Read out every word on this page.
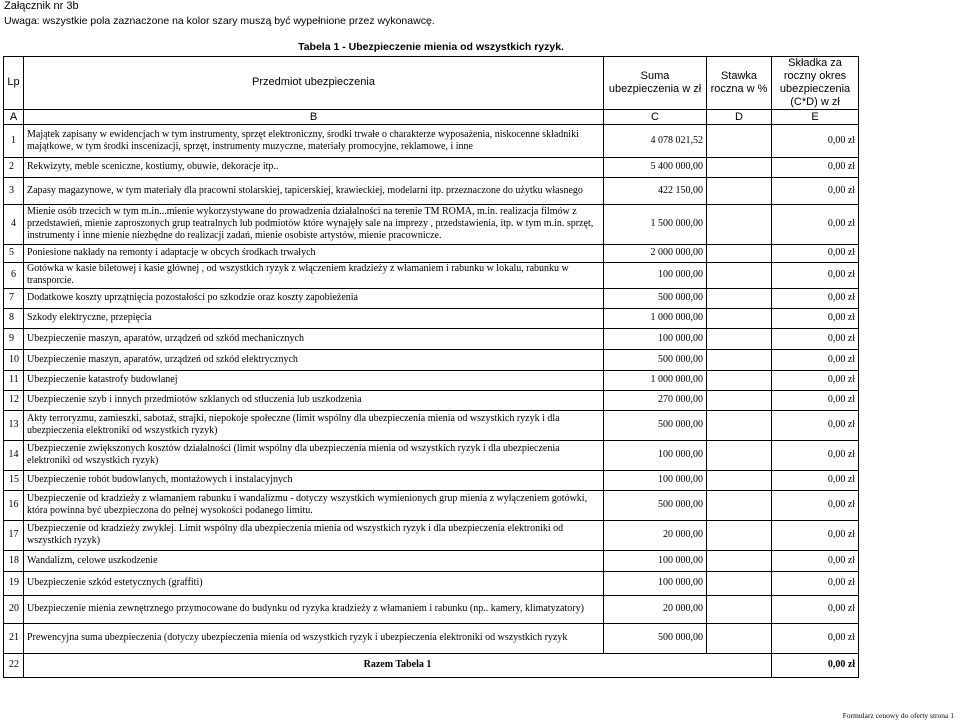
Załącznik nr 3b
Uwaga: wszystkie pola zaznaczone na kolor szary muszą być wypełnione przez wykonawcę.
Tabela 1 - Ubezpieczenie mienia od wszystkich ryzyk.				
Lp	Przedmiot ubezpieczenia	Suma ubezpieczenia w zł	Stawka roczna w %	Składka za roczny okres ubezpieczenia (C*D) w zł
A	B	C	D	E
1	Majątek zapisany w ewidencjach w tym instrumenty, sprzęt elektroniczny, środki trwałe o charakterze wyposażenia, niskocenne składniki majątkowe, w tym środki inscenizacji, sprzęt, instrumenty muzyczne, materiały promocyjne, reklamowe, i inne	4 078 021,52		0,00 zł
2	Rekwizyty, meble sceniczne, kostiumy, obuwie, dekoracje itp..	5 400 000,00		0,00 zł
3	Zapasy magazynowe, w tym materiały dla pracowni stolarskiej, tapicerskiej, krawieckiej, modelarni itp. przeznaczone do użytku własnego	422 150,00		0,00 zł
4	Mienie osób trzecich w tym m.in...mienie wykorzystywane do prowadzenia działalności na terenie TM ROMA, m.in. realizacja filmów z przedstawień, mienie zaproszonych grup teatralnych lub podmiotów które wynajęły sale na imprezy , przedstawienia, itp. w tym m.in. sprzęt, instrumenty i inne mienie niezbędne do realizacji zadań, mienie osobiste artystów, mienie pracownicze.	1 500 000,00		0,00 zł
5	Poniesione nakłady na remonty i adaptacje w obcych środkach trwałych	2 000 000,00		0,00 zł
6	Gotówka w kasie biletowej i kasie głównej , od wszystkich ryzyk z włączeniem kradzieży z włamaniem i rabunku w lokalu, rabunku w transporcie.	100 000,00		0,00 zł
7	Dodatkowe koszty uprzątnięcia pozostałości po szkodzie oraz koszty zapobieżenia	500 000,00		0,00 zł
8	Szkody elektryczne, przepięcia	1 000 000,00		0,00 zł
9	Ubezpieczenie maszyn, aparatów, urządzeń od szkód mechanicznych	100 000,00		0,00 zł
10	Ubezpieczenie maszyn, aparatów, urządzeń od szkód elektrycznych	500 000,00		0,00 zł
11	Ubezpieczenie katastrofy budowlanej	1 000 000,00		0,00 zł
12	Ubezpieczenie szyb i innych przedmiotów szklanych od stłuczenia lub uszkodzenia	270 000,00		0,00 zł
13	Akty terroryzmu, zamieszki, sabotaż, strajki, niepokoje społeczne (limit wspólny dla ubezpieczenia mienia od wszystkich ryzyk i dla ubezpieczenia elektroniki od wszystkich ryzyk)	500 000,00		0,00 zł
14	Ubezpieczenie zwiększonych kosztów działalności (limit wspólny dla ubezpieczenia mienia od wszystkich ryzyk i dla ubezpieczenia elektroniki od wszystkich ryzyk)	100 000,00		0,00 zł
15	Ubezpieczenie robót budowlanych, montażowych i instalacyjnych	100 000,00		0,00 zł
16	Ubezpieczenie od kradzieży z włamaniem rabunku i wandalizmu - dotyczy wszystkich wymienionych grup mienia z wyłączeniem gotówki, która powinna być ubezpieczona do pełnej wysokości podanego limitu.	500 000,00		0,00 zł
17	Ubezpieczenie od kradzieży zwykłej. Limit wspólny dla ubezpieczenia mienia od wszystkich ryzyk i dla ubezpieczenia elektroniki od wszystkich ryzyk)	20 000,00		0,00 zł
18	Wandalizm, celowe uszkodzenie	100 000,00		0,00 zł
19	Ubezpieczenie szkód estetycznych (graffiti)	100 000,00		0,00 zł
20	Ubezpieczenie mienia zewnętrznego przymocowane do budynku od ryzyka kradzieży z włamaniem i rabunku (np.. kamery, klimatyzatory)	20 000,00		0,00 zł
21	Prewencyjna suma ubezpieczenia (dotyczy ubezpieczenia mienia od wszystkich ryzyk i ubezpieczenia elektroniki od wszystkich ryzyk	500 000,00		0,00 zł
22	Razem Tabela 1			0,00 zł
Formularz cenowy do oferty strona 1
